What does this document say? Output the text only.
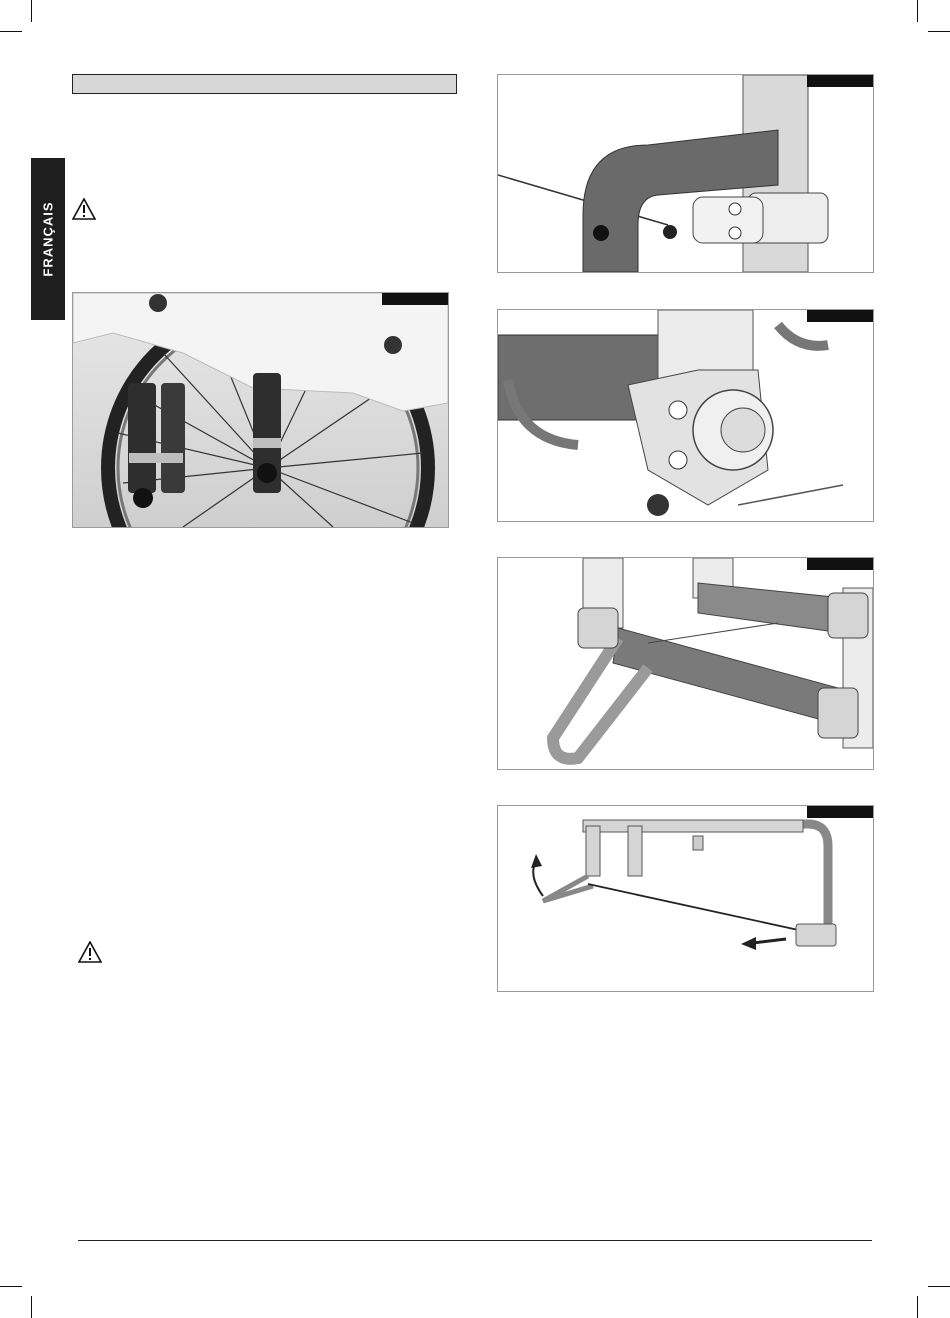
FRANÇAIS
